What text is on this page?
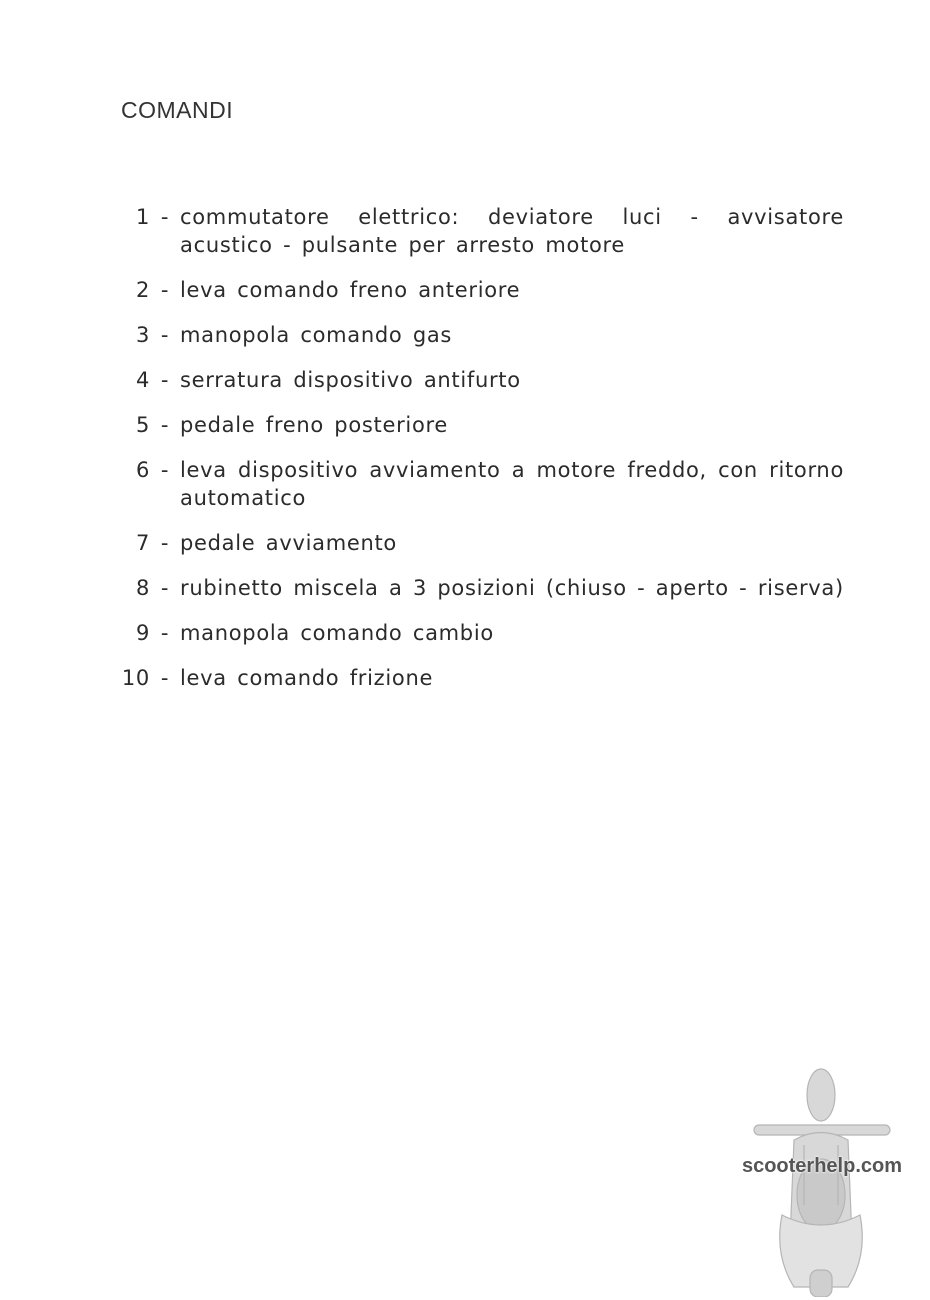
COMANDI
1 - commutatore elettrico: deviatore luci - avvisatore acustico - pulsante per arresto motore
2 - leva comando freno anteriore
3 - manopola comando gas
4 - serratura dispositivo antifurto
5 - pedale freno posteriore
6 - leva dispositivo avviamento a motore freddo, con ritorno automatico
7 - pedale avviamento
8 - rubinetto miscela a 3 posizioni (chiuso - aperto - riserva)
9 - manopola comando cambio
10 - leva comando frizione
scooterhelp.com
